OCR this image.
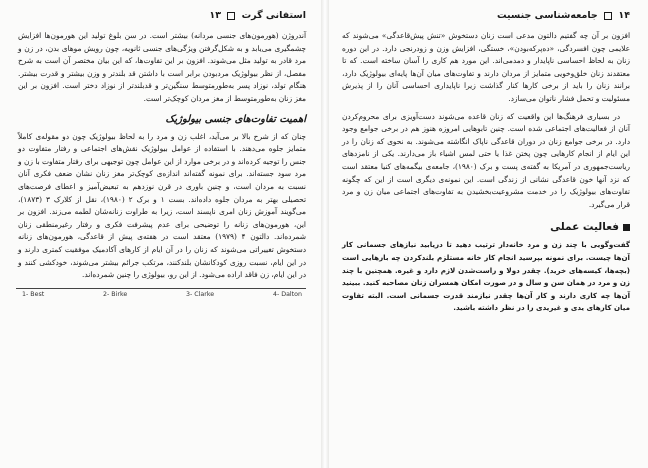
استفانی گرت  ۱۳

آندروژن (هورمون‌های جنسی مردانه) بیشتر است. در سن بلوغ تولید این هورمون‌ها افزایش چشمگیری می‌یابد و به شکل‌گرفتن ویژگی‌های جنسی ثانویه، چون رویش موهای بدن، در زن و مرد قادر به تولید مثل می‌شوند. افزون بر این تفاوت‌ها، که این بیان مختصر آن است به شرح مفصل، از نظر بیولوژیک مردبودن برابر است با داشتن قد بلندتر و وزن بیشتر و قدرت بیشتر. هنگام تولد، نوزاد پسر به‌طورمتوسط سنگین‌تر و قدبلندتر از نوزاد دختر است. افزون بر این مغز زنان به‌طورمتوسط از مغز مردان کوچک‌تر است.

اهمیت تفاوت‌های جنسی بیولوژیک

چنان که از شرح بالا بر می‌آید، اغلب زن و مرد را به لحاظ بیولوژیک چون دو مقوله‌ی کاملاً متمایز جلوه می‌دهند. با استفاده از عوامل بیولوژیک نقش‌های اجتماعی و رفتار متفاوت دو جنس را توجیه کرده‌اند و در برخی موارد از این عوامل چون توجیهی برای رفتار متفاوت با زن و مرد سود جسته‌اند. برای نمونه گفته‌اند اندازه‌ی کوچک‌تر مغز زنان نشان ضعف فکری آنان نسبت به مردان است، و چنین باوری در قرن نوزدهم به تبعیض‌آمیز و اعطای فرصت‌های تحصیلی بهتر به مردان جلوه داده‌اند. بست ۱ و برک ۲ (۱۹۸۰)، نقل از کلارک ۳ (۱۸۷۳)، می‌گویند آموزش زنان امری ناپسند است، زیرا به طراوت زنانه‌شان لطمه می‌زند. افزون بر این، هورمون‌های زنانه را توضیحی برای عدم پیشرفت فکری و رفتار رغیرمنطقی زنان شمرده‌اند. دالتون ۴ (۱۹۷۹) معتقد است در هفته‌ی پیش از قاعدگی، هورمون‌های زنانه دستخوش تغییراتی می‌شوند که زنان را در آن ایام از کارهای آکادمیک موفقیت کمتری دارند و در این ایام، نسبت روزی کودکانشان بلندکنند، مرتکب جرائم بیشتر می‌شوند، خودکشی کنند و در این ایام، زن فاقد اراده می‌شود. از این رو، بیولوژی را چنین شمرده‌اند.

1- Best	2- Birke	3- Clarke	4- Dalton
۱۴  جامعه‌شناسی جنسیت

افزون بر آن چه گفتیم دالتون مدعی است زنان دستخوش «تنش پیش‌قاعدگی» می‌شوند که علایمی چون افسردگی، «ده‌پرکه‌بودن»، خستگی، افزایش وزن و زودرنجی دارد. در این دوره زنان به لحاظ احساسی ناپایدار و دمدمی‌اند. این مورد هم کاری را آسان ساخته است. که تا معتقدند زنان خلق‌وخویی متمایز از مردان دارند و تفاوت‌های میان آن‌ها پایه‌ای بیولوژیک دارد، برانند زنان را باید از برخی کارها کنار گذاشت زیرا ناپایداری احساسی آنان را از پذیرش مسئولیت و تحمل فشار ناتوان می‌سازد.

در بسیاری فرهنگ‌ها این واقعیت که زنان قاعده می‌شوند دست‌آویزی برای محروم‌کردن آنان از فعالیت‌های اجتماعی شده است. چنین تابوهایی امروزه هنوز هم در برخی جوامع وجود دارد. در برخی جوامع زنان در دوران قاعدگی ناپاک انگاشته می‌شوند. به نحوی که زنان را در این ایام از انجام کارهایی چون پختن غذا یا حتی لمس اشیاء باز می‌دارند. یکی از نامزدهای ریاست‌جمهوری در آمریکا به گفته‌ی پست و برک (۱۹۸۰)، جامعه‌ی بیگمه‌های کنیا معتقد است که نزد آنها خون قاعدگی نشانی از زندگی است. این نمونه‌ی دیگری است از این که چگونه تفاوت‌های بیولوژیک را در خدمت مشروعیت‌بخشیدن به تفاوت‌های اجتماعی میان زن و مرد قرار می‌گیرد.

فعالیت عملی

گفت‌وگویی با چند زن و مرد خانه‌دار ترتیب دهید تا دریابید نیازهای جسمانی کار آن‌ها چیست. برای نمونه بپرسید انجام کار خانه مستلزم بلندکردن چه بارهایی است (بچه‌ها، کیسه‌های خرید). چقدر دولا و راست‌شدن لازم دارد و غیره. همچنین با چند زن و مرد در همان سن و سال و در صورت امکان همسران زنان مصاحبه کنید. ببینید آن‌ها چه کاری دارند و کار آن‌ها چقدر نیازمند قدرت جسمانی است. البته تفاوت میان کارهای یدی و غیریدی را در نظر داشته باشید.
